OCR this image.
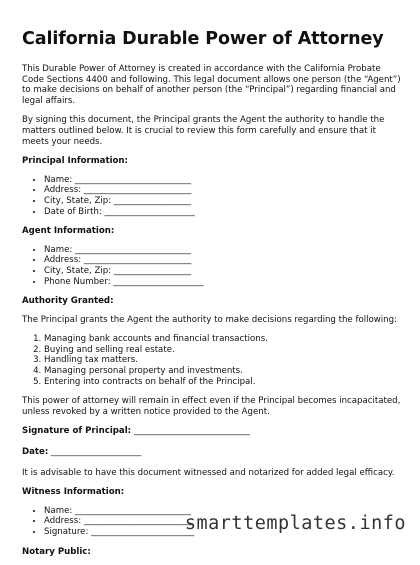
California Durable Power of Attorney

This Durable Power of Attorney is created in accordance with the California Probate Code Sections 4400 and following. This legal document allows one person (the “Agent”) to make decisions on behalf of another person (the “Principal”) regarding financial and legal affairs.

By signing this document, the Principal grants the Agent the authority to handle the matters outlined below. It is crucial to review this form carefully and ensure that it meets your needs.

Principal Information:
• Name: ___________________________
• Address: _________________________
• City, State, Zip: __________________
• Date of Birth: _____________________
Agent Information:
• Name: ___________________________
• Address: _________________________
• City, State, Zip: __________________
• Phone Number: _____________________
Authority Granted:

The Principal grants the Agent the authority to make decisions regarding the following:

1. Managing bank accounts and financial transactions.
2. Buying and selling real estate.
3. Handling tax matters.
4. Managing personal property and investments.
5. Entering into contracts on behalf of the Principal.

This power of attorney will remain in effect even if the Principal becomes incapacitated, unless revoked by a written notice provided to the Agent.

Signature of Principal: ___________________________
Date: _____________________

It is advisable to have this document witnessed and notarized for added legal efficacy.

Witness Information:
• Name: ___________________________
• Address: _________________________
• Signature: ________________________
Notary Public:
smarttemplates.info
